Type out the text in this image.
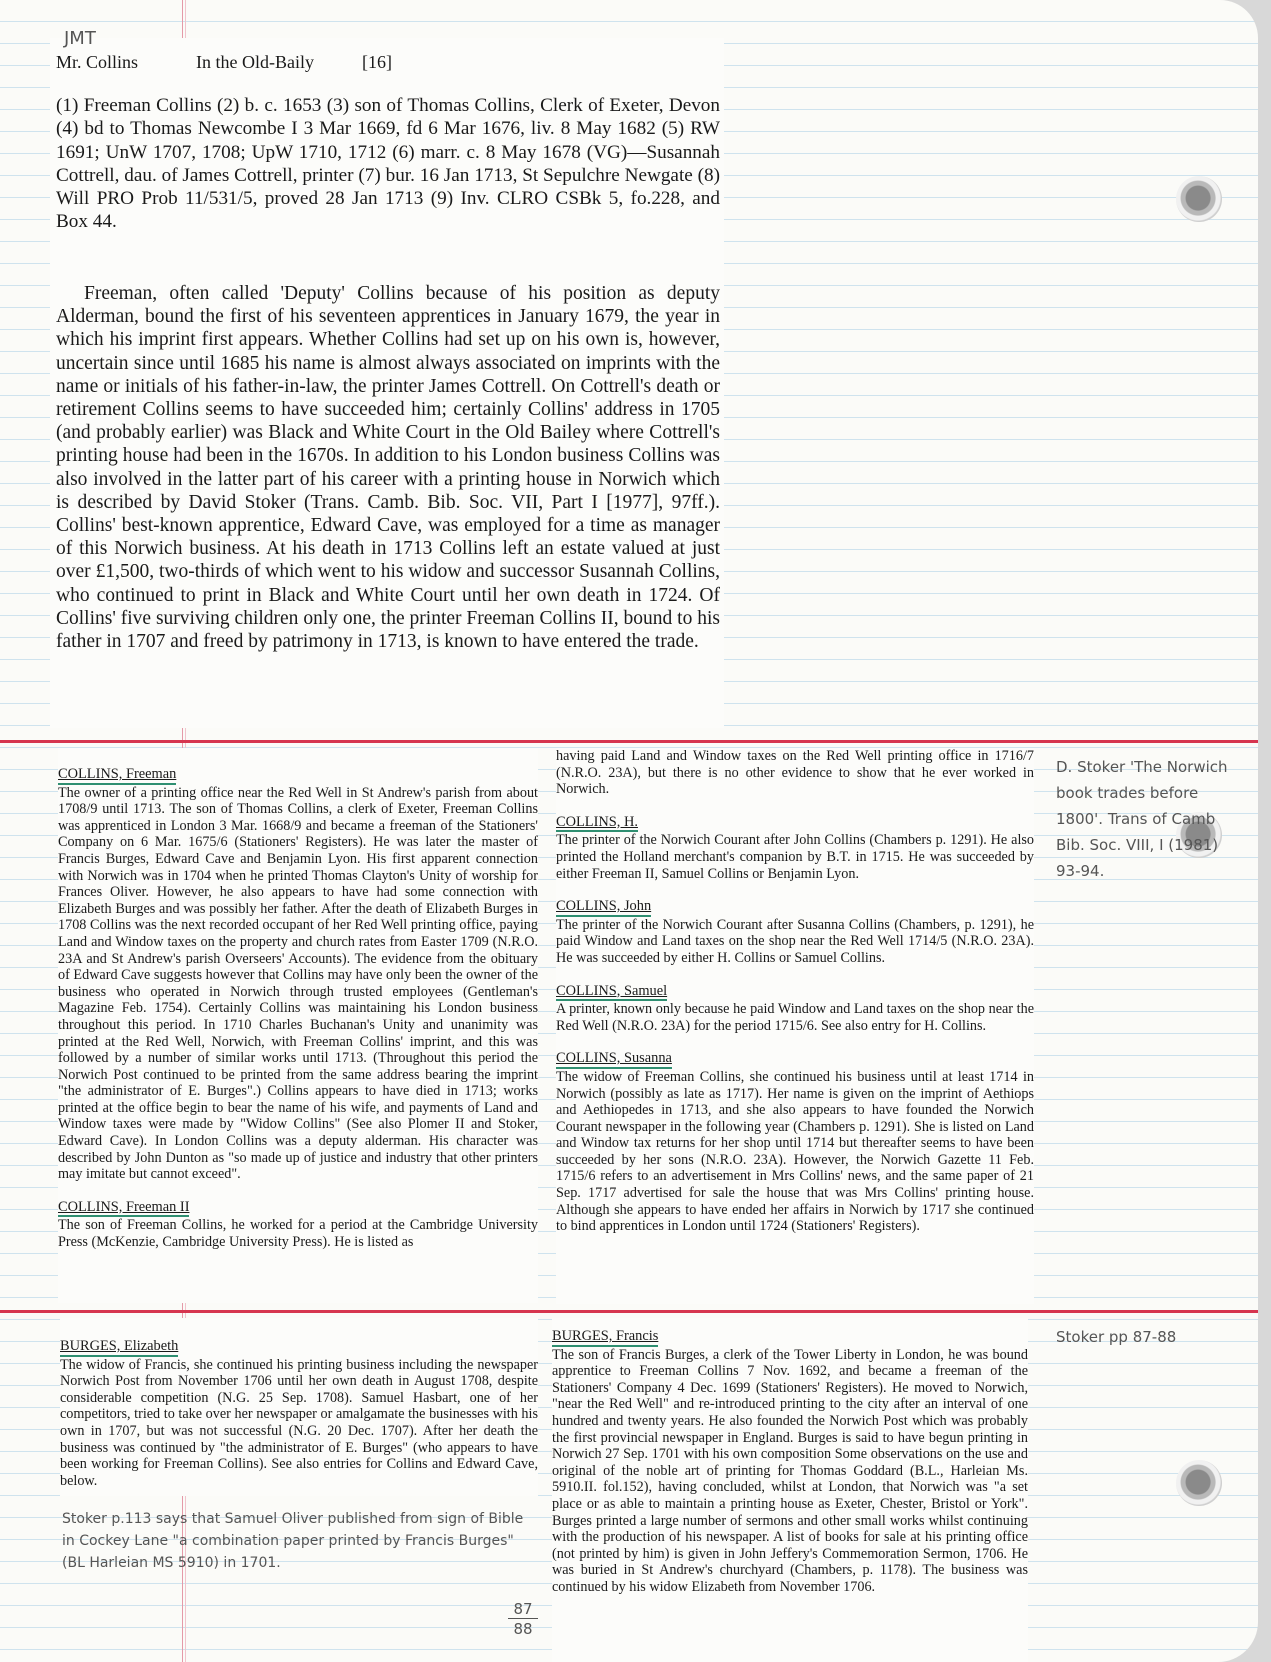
JMT
Mr. Collins	In the Old-Baily	[16]
(1) Freeman Collins (2) b. c. 1653 (3) son of Thomas Collins, Clerk of Exeter, Devon (4) bd to Thomas Newcombe I 3 Mar 1669, fd 6 Mar 1676, liv. 8 May 1682 (5) RW 1691; UnW 1707, 1708; UpW 1710, 1712 (6) marr. c. 8 May 1678 (VG)—Susannah Cottrell, dau. of James Cottrell, printer (7) bur. 16 Jan 1713, St Sepulchre Newgate (8) Will PRO Prob 11/531/5, proved 28 Jan 1713 (9) Inv. CLRO CSBk 5, fo.228, and Box 44.
Freeman, often called 'Deputy' Collins because of his position as deputy Alderman, bound the first of his seventeen apprentices in January 1679, the year in which his imprint first appears. Whether Collins had set up on his own is, however, uncertain since until 1685 his name is almost always associated on imprints with the name or initials of his father-in-law, the printer James Cottrell. On Cottrell's death or retirement Collins seems to have succeeded him; certainly Collins' address in 1705 (and probably earlier) was Black and White Court in the Old Bailey where Cottrell's printing house had been in the 1670s. In addition to his London business Collins was also involved in the latter part of his career with a printing house in Norwich which is described by David Stoker (Trans. Camb. Bib. Soc. VII, Part I [1977], 97ff.). Collins' best-known apprentice, Edward Cave, was employed for a time as manager of this Norwich business. At his death in 1713 Collins left an estate valued at just over £1,500, two-thirds of which went to his widow and successor Susannah Collins, who continued to print in Black and White Court until her own death in 1724. Of Collins' five surviving children only one, the printer Freeman Collins II, bound to his father in 1707 and freed by patrimony in 1713, is known to have entered the trade.
COLLINS, Freeman

The owner of a printing office near the Red Well in St Andrew's parish from about 1708/9 until 1713. The son of Thomas Collins, a clerk of Exeter, Freeman Collins was apprenticed in London 3 Mar. 1668/9 and became a freeman of the Stationers' Company on 6 Mar. 1675/6 (Stationers' Registers). He was later the master of Francis Burges, Edward Cave and Benjamin Lyon. His first apparent connection with Norwich was in 1704 when he printed Thomas Clayton's Unity of worship for Frances Oliver. However, he also appears to have had some connection with Elizabeth Burges and was possibly her father. After the death of Elizabeth Burges in 1708 Collins was the next recorded occupant of her Red Well printing office, paying Land and Window taxes on the property and church rates from Easter 1709 (N.R.O. 23A and St Andrew's parish Overseers' Accounts). The evidence from the obituary of Edward Cave suggests however that Collins may have only been the owner of the business who operated in Norwich through trusted employees (Gentleman's Magazine Feb. 1754). Certainly Collins was maintaining his London business throughout this period. In 1710 Charles Buchanan's Unity and unanimity was printed at the Red Well, Norwich, with Freeman Collins' imprint, and this was followed by a number of similar works until 1713. (Throughout this period the Norwich Post continued to be printed from the same address bearing the imprint "the administrator of E. Burges".) Collins appears to have died in 1713; works printed at the office begin to bear the name of his wife, and payments of Land and Window taxes were made by "Widow Collins" (See also Plomer II and Stoker, Edward Cave). In London Collins was a deputy alderman. His character was described by John Dunton as "so made up of justice and industry that other printers may imitate but cannot exceed".

COLLINS, Freeman II

The son of Freeman Collins, he worked for a period at the Cambridge University Press (McKenzie, Cambridge University Press). He is listed as

having paid Land and Window taxes on the Red Well printing office in 1716/7 (N.R.O. 23A), but there is no other evidence to show that he ever worked in Norwich.

COLLINS, H.

The printer of the Norwich Courant after John Collins (Chambers p. 1291). He also printed the Holland merchant's companion by B.T. in 1715. He was succeeded by either Freeman II, Samuel Collins or Benjamin Lyon.

COLLINS, John

The printer of the Norwich Courant after Susanna Collins (Chambers, p. 1291), he paid Window and Land taxes on the shop near the Red Well 1714/5 (N.R.O. 23A). He was succeeded by either H. Collins or Samuel Collins.

COLLINS, Samuel

A printer, known only because he paid Window and Land taxes on the shop near the Red Well (N.R.O. 23A) for the period 1715/6. See also entry for H. Collins.

COLLINS, Susanna

The widow of Freeman Collins, she continued his business until at least 1714 in Norwich (possibly as late as 1717). Her name is given on the imprint of Aethiops and Aethiopedes in 1713, and she also appears to have founded the Norwich Courant newspaper in the following year (Chambers p. 1291). She is listed on Land and Window tax returns for her shop until 1714 but thereafter seems to have been succeeded by her sons (N.R.O. 23A). However, the Norwich Gazette 11 Feb. 1715/6 refers to an advertisement in Mrs Collins' news, and the same paper of 21 Sep. 1717 advertised for sale the house that was Mrs Collins' printing house. Although she appears to have ended her affairs in Norwich by 1717 she continued to bind apprentices in London until 1724 (Stationers' Registers).

D. Stoker 'The Norwich book trades before 1800'. Trans of Camb Bib. Soc. VIII, I (1981) 93-94.
BURGES, Elizabeth

The widow of Francis, she continued his printing business including the newspaper Norwich Post from November 1706 until her own death in August 1708, despite considerable competition (N.G. 25 Sep. 1708). Samuel Hasbart, one of her competitors, tried to take over her newspaper or amalgamate the businesses with his own in 1707, but was not successful (N.G. 20 Dec. 1707). After her death the business was continued by "the administrator of E. Burges" (who appears to have been working for Freeman Collins). See also entries for Collins and Edward Cave, below.

BURGES, Francis

The son of Francis Burges, a clerk of the Tower Liberty in London, he was bound apprentice to Freeman Collins 7 Nov. 1692, and became a freeman of the Stationers' Company 4 Dec. 1699 (Stationers' Registers). He moved to Norwich, "near the Red Well" and re-introduced printing to the city after an interval of one hundred and twenty years. He also founded the Norwich Post which was probably the first provincial newspaper in England. Burges is said to have begun printing in Norwich 27 Sep. 1701 with his own composition Some observations on the use and original of the noble art of printing for Thomas Goddard (B.L., Harleian Ms. 5910.II. fol.152), having concluded, whilst at London, that Norwich was "a set place or as able to maintain a printing house as Exeter, Chester, Bristol or York". Burges printed a large number of sermons and other small works whilst continuing with the production of his newspaper. A list of books for sale at his printing office (not printed by him) is given in John Jeffery's Commemoration Sermon, 1706. He was buried in St Andrew's churchyard (Chambers, p. 1178). The business was continued by his widow Elizabeth from November 1706.

Stoker pp 87-88
Stoker p.113 says that Samuel Oliver published from sign of Bible in Cockey Lane "a combination paper printed by Francis Burges" (BL Harleian MS 5910) in 1701.
87
88
